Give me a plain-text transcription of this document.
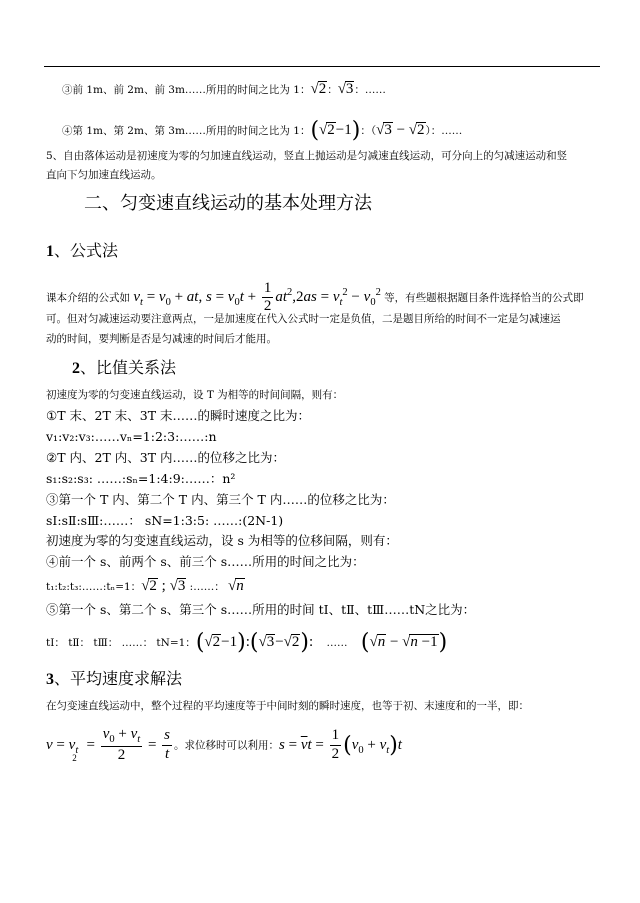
③前 1m、前 2m、前 3m……所用的时间之比为 1：√2：√3：……
④第 1m、第 2m、第 3m……所用的时间之比为 1：(√2−1)：（√3 − √2）：……
5、自由落体运动是初速度为零的匀加速直线运动，竖直上抛运动是匀减速直线运动，可分向上的匀减速运动和竖
直向下匀加速直线运动。
二、匀变速直线运动的基本处理方法
1、公式法
课本介绍的公式如 $v_t = v_0$ + at, $s = v_0t + \frac{1}{2} at^2,2as = v_t^2 - v_0^2$ 等，有些题根据题目条件选择恰当的公式即
可。但对匀减速运动要注意两点，一是加速度在代入公式时一定是负值，二是题目所给的时间不一定是匀减速运
动的时间，要判断是否是匀减速的时间后才能用。
2、比值关系法
初速度为零的匀变速直线运动，设 T 为相等的时间间隔，则有：
①T 末、2T 末、3T 末……的瞬时速度之比为：
v₁:v₂:v₃:……vₙ=1:2:3:……:n
②T 内、2T 内、3T 内……的位移之比为：
s₁:s₂:s₃: ……:sₙ=1:4:9:……：n²
③第一个 T 内、第二个 T 内、第三个 T 内……的位移之比为：
sⅠ:sⅡ:sⅢ:……： sN=1:3:5: ……:(2N-1)
初速度为零的匀变速直线运动，设 s 为相等的位移间隔，则有：
④前一个 s、前两个 s、前三个 s……所用的时间之比为：
t₁:t₂:t₃:……:tₙ=1：√2 ; √3 :……： √n
⑤第一个 s、第二个 s、第三个 s……所用的时间 tⅠ、tⅡ、tⅢ……tN之比为：
tⅠ： tⅡ： tⅢ： ……： tN=1：(√2−1):(√3−√2): …… (√n − √n −1)
3、平均速度求解法
在匀变速直线运动中，整个过程的平均速度等于中间时刻的瞬时速度，也等于初、末速度和的一半，即：
$v = v_{t2} = \frac{v_0 + v_t}{2} = \frac{s}{t}$ 。求位移时可以利用：$s = \overline{v}t = \frac{1}{2} (v_0 + v_t)t$
